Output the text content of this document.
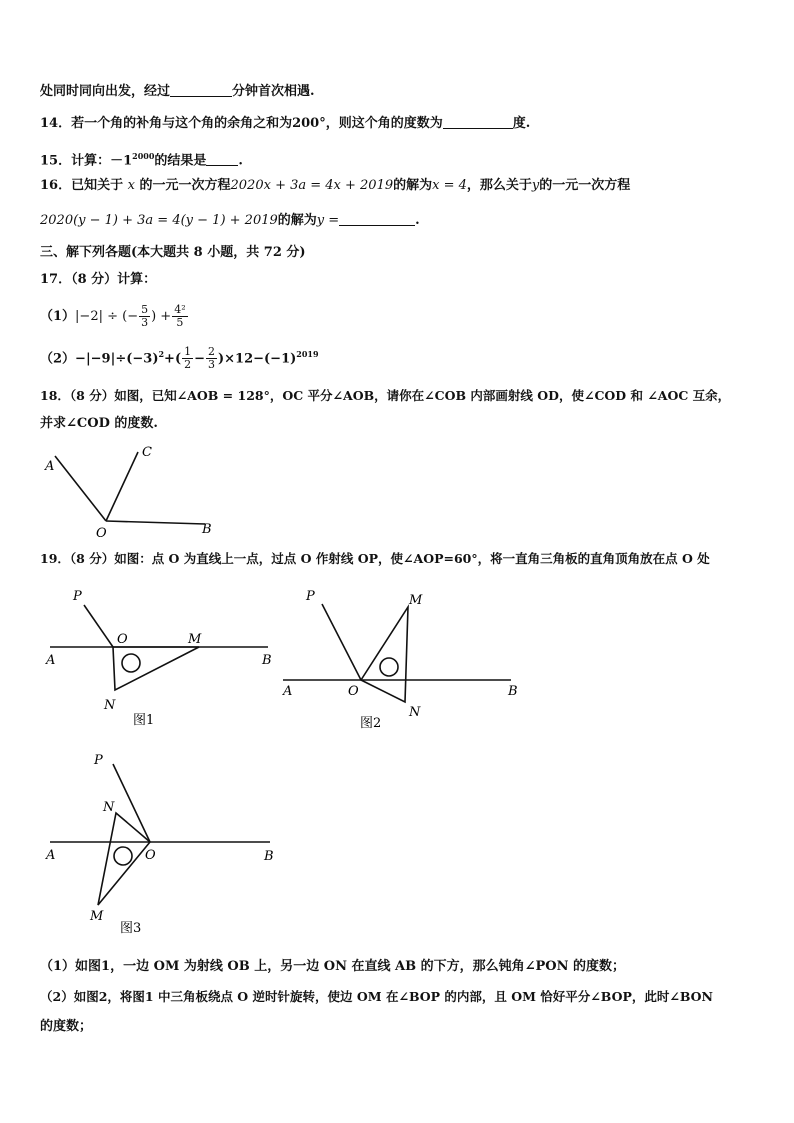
处同时同向出发，经过	分钟首次相遇.
14．若一个角的补角与这个角的余角之和为200°，则这个角的度数为	度.
15．计算：$-1^{2000}$的结果是 .
16．已知关于 x 的一元一次方程2020x + 3a = 4x + 2019的解为x = 4，那么关于y的一元一次方程
2020(y − 1) + 3a = 4(y − 1) + 2019的解为y =	.
三、解下列各题(本大题共 8 小题，共 72 分)
17．（8 分）计算：
（1）|−2| ÷ (− $\frac{5}{3}$ ) + $\frac{\text{4²}}{5}$
$(2)-|-9|\div(-3)^2+( \frac{1}{2} - \frac{2}{3} )\times 12-(-1)^{2019}$
18．（8 分）如图，已知∠AOB = 128°，OC 平分∠AOB，请你在∠COB 内部画射线 OD，使∠COD 和 ∠AOC 互余，
并求∠COD 的度数.
A
C
O	B
P
O	M
A	B
N
图1
P	M
A	O	B
N
图2
P
N
A	O	B
M
图3
19．（8 分）如图：点 O 为直线上一点，过点 O 作射线 OP，使∠AOP=60°，将一直角三角板的直角顶角放在点 O 处
（1）如图1，一边 OM 为射线 OB 上，另一边 ON 在直线 AB 的下方，那么钝角∠PON 的度数；
（2）如图2，将图1 中三角板绕点 O 逆时针旋转，使边 OM 在∠BOP 的内部，且 OM 恰好平分∠BOP，此时∠BON
的度数；
